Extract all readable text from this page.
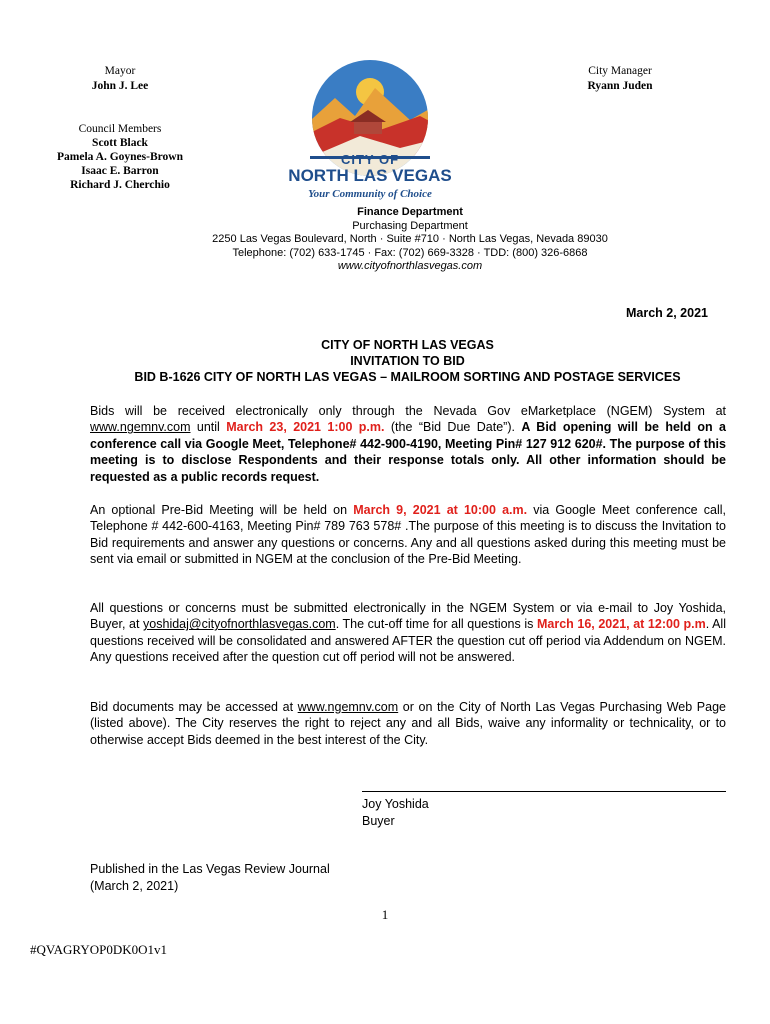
Mayor
John J. Lee
City Manager
Ryann Juden
Council Members
Scott Black
Pamela A. Goynes-Brown
Isaac E. Barron
Richard J. Cherchio
CITY OF
NORTH LAS VEGAS
Your Community of Choice
Finance Department
Purchasing Department
2250 Las Vegas Boulevard, North · Suite #710 · North Las Vegas, Nevada 89030
Telephone: (702) 633-1745 · Fax: (702) 669-3328 · TDD: (800) 326-6868
www.cityofnorthlasvegas.com
March 2, 2021
CITY OF NORTH LAS VEGAS
INVITATION TO BID
BID B-1626 CITY OF NORTH LAS VEGAS – MAILROOM SORTING AND POSTAGE SERVICES
Bids will be received electronically only through the Nevada Gov eMarketplace (NGEM) System at www.ngemnv.com until March 23, 2021 1:00 p.m. (the “Bid Due Date”). A Bid opening will be held on a conference call via Google Meet, Telephone# 442-900-4190, Meeting Pin# 127 912 620#. The purpose of this meeting is to disclose Respondents and their response totals only. All other information should be requested as a public records request.
An optional Pre-Bid Meeting will be held on March 9, 2021 at 10:00 a.m. via Google Meet conference call, Telephone # 442-600-4163, Meeting Pin# 789 763 578# .The purpose of this meeting is to discuss the Invitation to Bid requirements and answer any questions or concerns. Any and all questions asked during this meeting must be sent via email or submitted in NGEM at the conclusion of the Pre-Bid Meeting.
All questions or concerns must be submitted electronically in the NGEM System or via e-mail to Joy Yoshida, Buyer, at yoshidaj@cityofnorthlasvegas.com. The cut-off time for all questions is March 16, 2021, at 12:00 p.m. All questions received will be consolidated and answered AFTER the question cut off period via Addendum on NGEM. Any questions received after the question cut off period will not be answered.
Bid documents may be accessed at www.ngemnv.com or on the City of North Las Vegas Purchasing Web Page (listed above). The City reserves the right to reject any and all Bids, waive any informality or technicality, or to otherwise accept Bids deemed in the best interest of the City.
Joy Yoshida
Buyer
Published in the Las Vegas Review Journal
(March 2, 2021)
1
#QVAGRYOP0DK0O1v1
